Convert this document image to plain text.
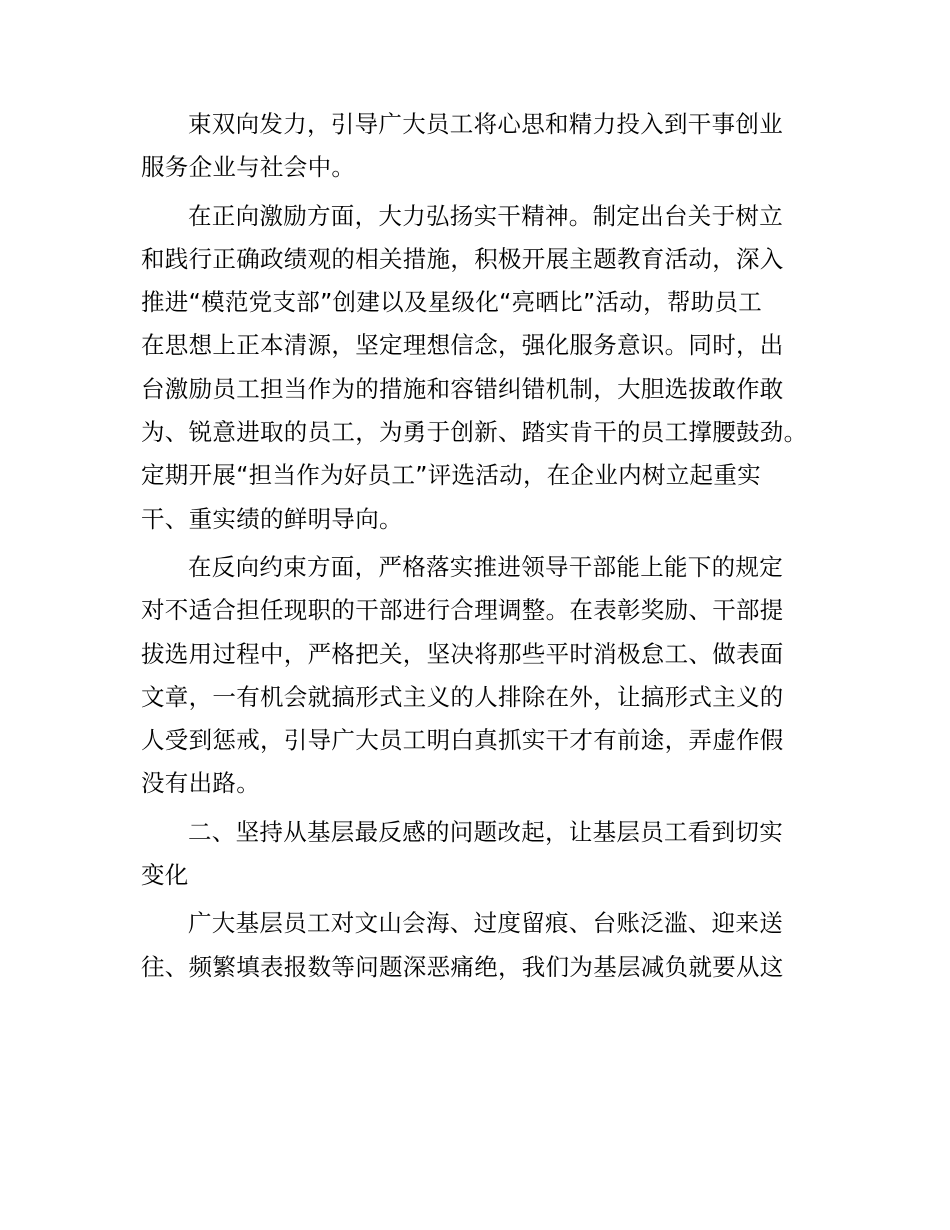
束双向发力，引导广大员工将心思和精力投入到干事创业
服务企业与社会中。
在正向激励方面，大力弘扬实干精神。制定出台关于树立
和践行正确政绩观的相关措施，积极开展主题教育活动，深入
推进“模范党支部”创建以及星级化“亮晒比”活动，帮助员工
在思想上正本清源，坚定理想信念，强化服务意识。同时，出
台激励员工担当作为的措施和容错纠错机制，大胆选拔敢作敢
为、锐意进取的员工，为勇于创新、踏实肯干的员工撑腰鼓劲。
定期开展“担当作为好员工”评选活动，在企业内树立起重实
干、重实绩的鲜明导向。
在反向约束方面，严格落实推进领导干部能上能下的规定
对不适合担任现职的干部进行合理调整。在表彰奖励、干部提
拔选用过程中，严格把关，坚决将那些平时消极怠工、做表面
文章，一有机会就搞形式主义的人排除在外，让搞形式主义的
人受到惩戒，引导广大员工明白真抓实干才有前途，弄虚作假
没有出路。
二、坚持从基层最反感的问题改起，让基层员工看到切实
变化
广大基层员工对文山会海、过度留痕、台账泛滥、迎来送
往、频繁填表报数等问题深恶痛绝，我们为基层减负就要从这
